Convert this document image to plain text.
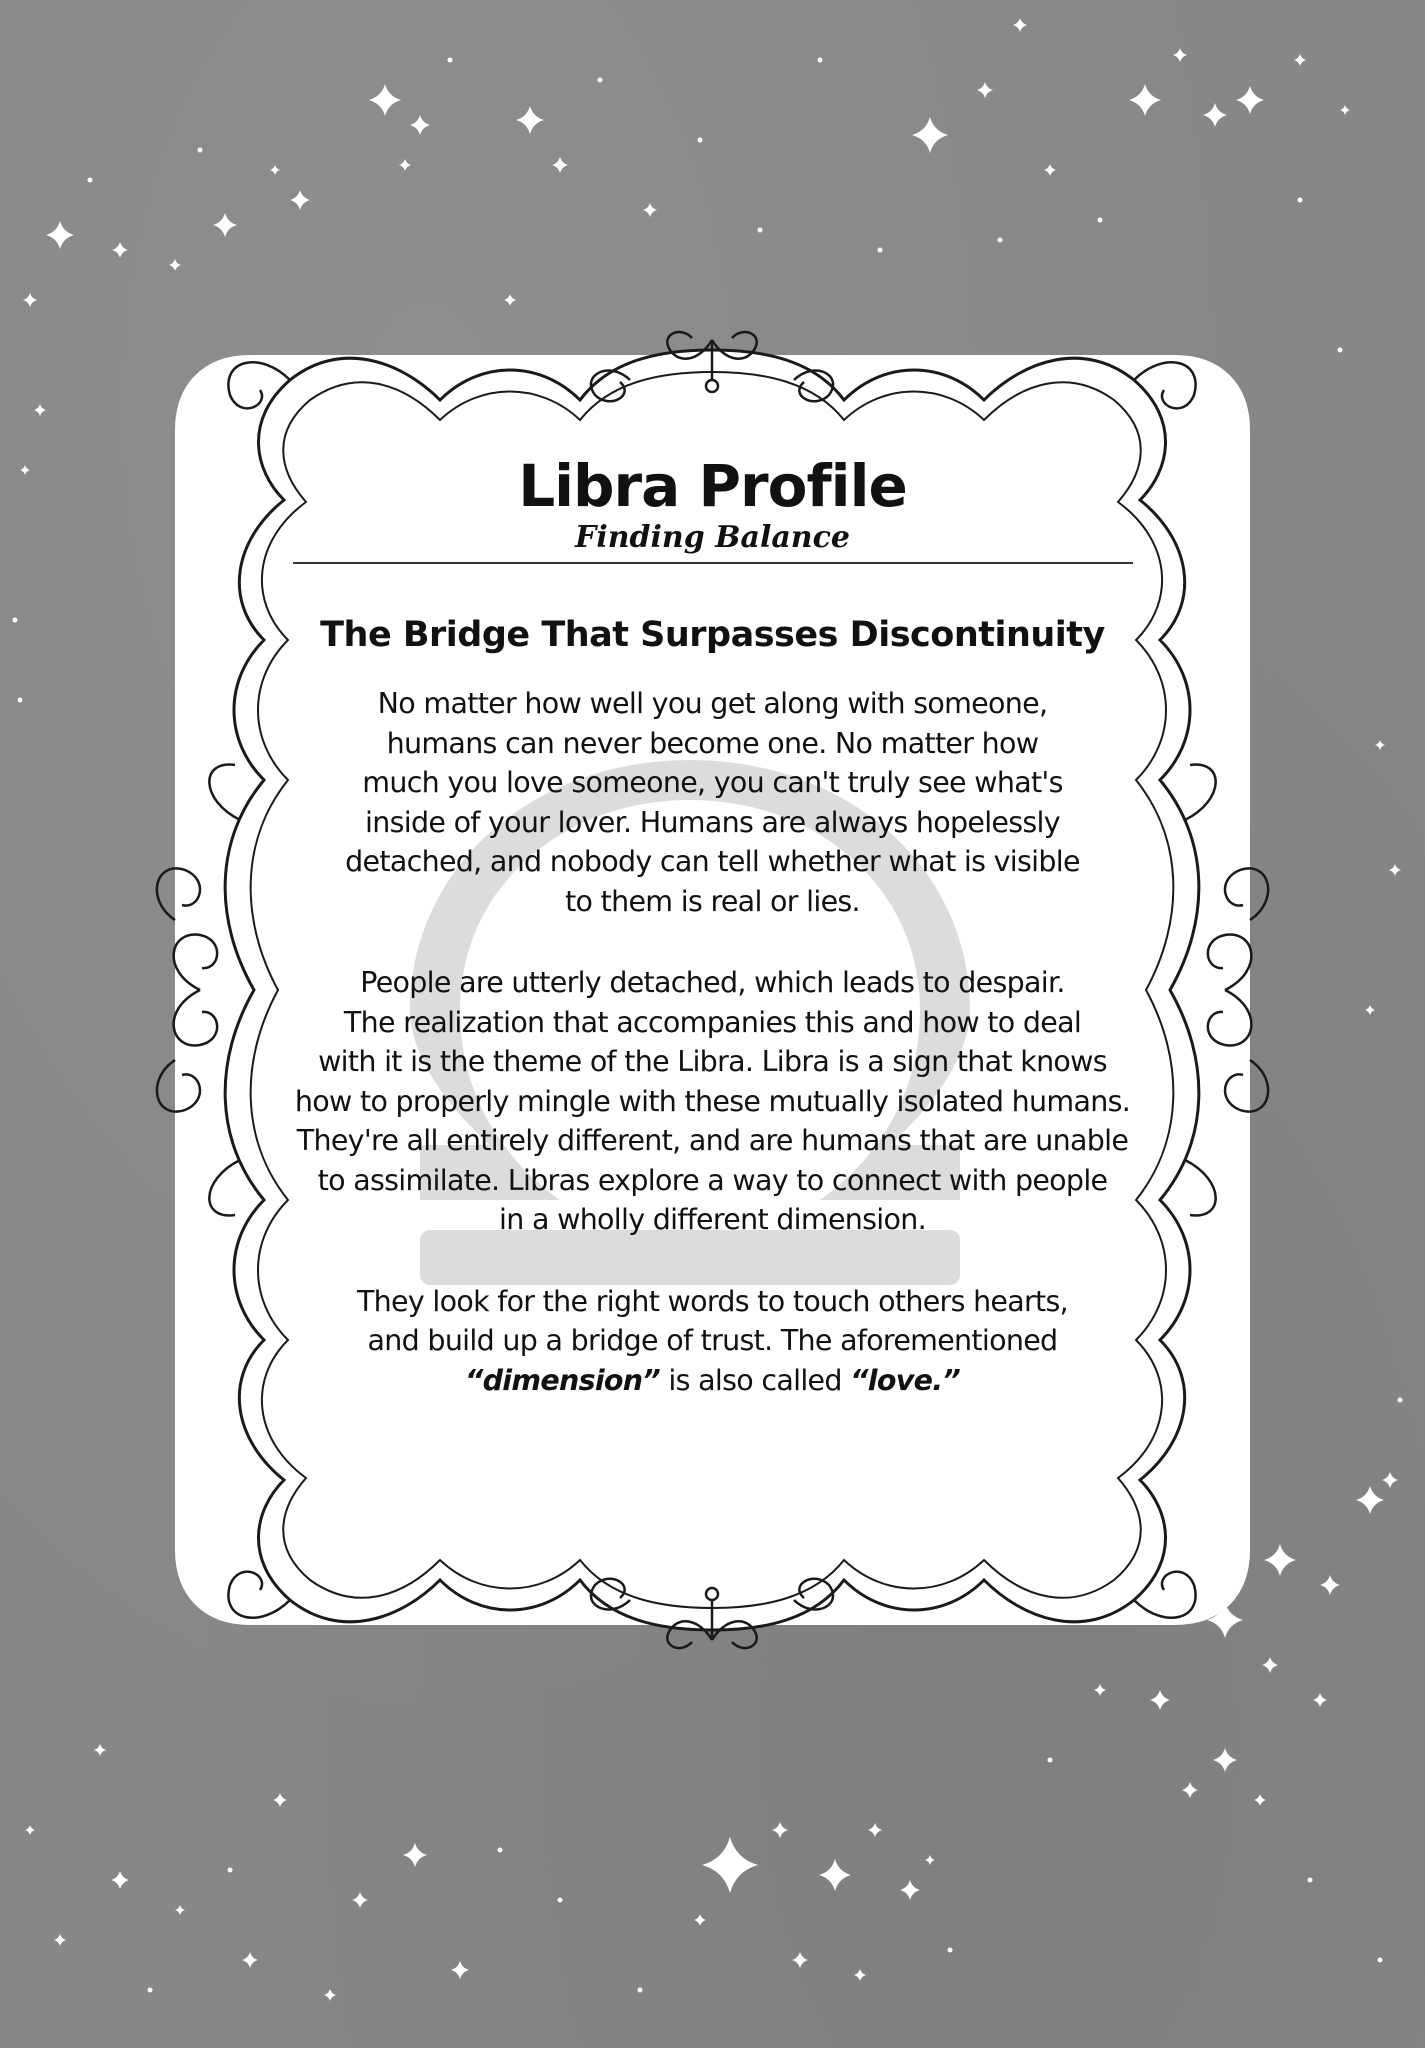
Libra Profile
Finding Balance
The Bridge That Surpasses Discontinuity

No matter how well you get along with someone,
humans can never become one. No matter how
much you love someone, you can't truly see what's
inside of your lover. Humans are always hopelessly
detached, and nobody can tell whether what is visible
to them is real or lies.

People are utterly detached, which leads to despair.
The realization that accompanies this and how to deal
with it is the theme of the Libra. Libra is a sign that knows
how to properly mingle with these mutually isolated humans.
They're all entirely different, and are humans that are unable
to assimilate. Libras explore a way to connect with people
in a wholly different dimension.

They look for the right words to touch others hearts,
and build up a bridge of trust. The aforementioned
“dimension” is also called “love.”
